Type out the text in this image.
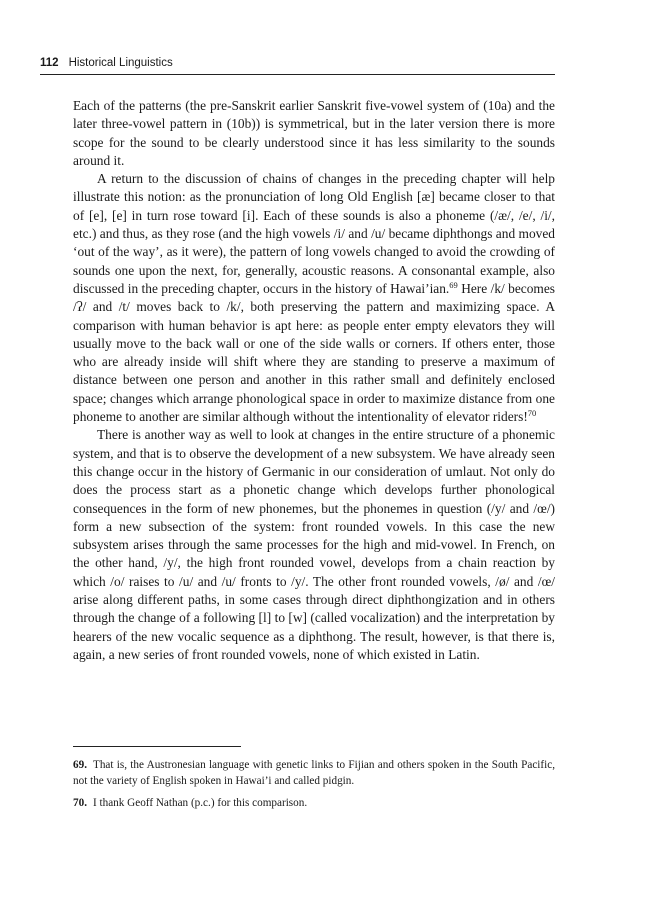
112 Historical Linguistics

Each of the patterns (the pre-Sanskrit earlier Sanskrit five-vowel system of (10a) and the later three-vowel pattern in (10b)) is symmetrical, but in the later version there is more scope for the sound to be clearly understood since it has less similarity to the sounds around it.

A return to the discussion of chains of changes in the preceding chapter will help illustrate this notion: as the pronunciation of long Old English [æ] became closer to that of [e], [e] in turn rose toward [i]. Each of these sounds is also a phoneme (/æ/, /e/, /i/, etc.) and thus, as they rose (and the high vowels /i/ and /u/ became diphthongs and moved ‘out of the way’, as it were), the pattern of long vowels changed to avoid the crowding of sounds one upon the next, for, generally, acoustic reasons. A consonantal example, also discussed in the preceding chapter, occurs in the history of Hawai’ian.$^{69}$ Here /k/ becomes /ʔ/ and /t/ moves back to /k/, both preserving the pattern and maximizing space. A comparison with human behavior is apt here: as people enter empty elevators they will usually move to the back wall or one of the side walls or corners. If others enter, those who are already inside will shift where they are standing to preserve a maximum of distance between one person and another in this rather small and definitely enclosed space; changes which arrange phonological space in order to maximize distance from one phoneme to another are similar although without the intentionality of elevator riders!$^{70}$

There is another way as well to look at changes in the entire structure of a phonemic system, and that is to observe the development of a new subsystem. We have already seen this change occur in the history of Germanic in our consideration of umlaut. Not only do does the process start as a phonetic change which develops further phonological consequences in the form of new phonemes, but the phonemes in question (/y/ and /œ/) form a new subsection of the system: front rounded vowels. In this case the new subsystem arises through the same processes for the high and mid-vowel. In French, on the other hand, /y/, the high front rounded vowel, develops from a chain reaction by which /o/ raises to /u/ and /u/ fronts to /y/. The other front rounded vowels, /ø/ and /œ/ arise along different paths, in some cases through direct diphthongization and in others through the change of a following [l] to [w] (called vocalization) and the interpretation by hearers of the new vocalic sequence as a diphthong. The result, however, is that there is, again, a new series of front rounded vowels, none of which existed in Latin.

69. That is, the Austronesian language with genetic links to Fijian and others spoken in the South Pacific, not the variety of English spoken in Hawai’i and called pidgin.

70. I thank Geoff Nathan (p.c.) for this comparison.
